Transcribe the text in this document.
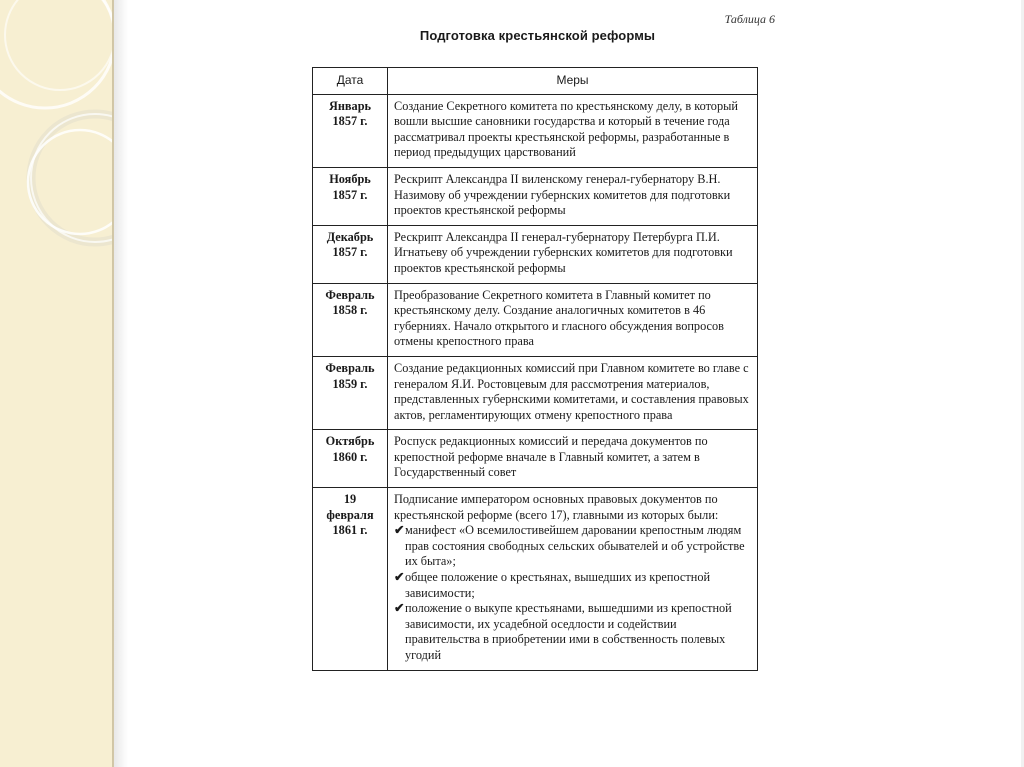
Таблица 6
Подготовка крестьянской реформы
Дата	Меры
Январь 1857 г.	Создание Секретного комитета по крестьянскому делу, в который вошли высшие сановники государства и который в течение года рассматривал проекты крестьянской реформы, разработанные в период предыдущих царствований
Ноябрь 1857 г.	Рескрипт Александра II виленскому генерал-губернатору В.Н. Назимову об учреждении губернских комитетов для подготовки проектов крестьянской реформы
Декабрь 1857 г.	Рескрипт Александра II генерал-губернатору Петербурга П.И. Игнатьеву об учреждении губернских комитетов для подготовки проектов крестьянской реформы
Февраль 1858 г.	Преобразование Секретного комитета в Главный комитет по крестьянскому делу. Создание аналогичных комитетов в 46 губерниях. Начало открытого и гласного обсуждения вопросов отмены крепостного права
Февраль 1859 г.	Создание редакционных комиссий при Главном комитете во главе с генералом Я.И. Ростовцевым для рассмотрения материалов, представленных губернскими комитетами, и составления правовых актов, регламентирующих отмену крепостного права
Октябрь 1860 г.	Роспуск редакционных комиссий и передача документов по крепостной реформе вначале в Главный комитет, а затем в Государственный совет
19 февраля 1861 г.	Подписание императором основных правовых документов по крестьянской реформе (всего 17), главными из которых были:
✔манифест «О всемилостивейшем даровании крепостным людям прав состояния свободных сельских обывателей и об устройстве их быта»;
✔общее положение о крестьянах, вышедших из крепостной зависимости;
✔положение о выкупе крестьянами, вышедшими из крепостной зависимости, их усадебной оседлости и содействии правительства в приобретении ими в собственность полевых угодий
